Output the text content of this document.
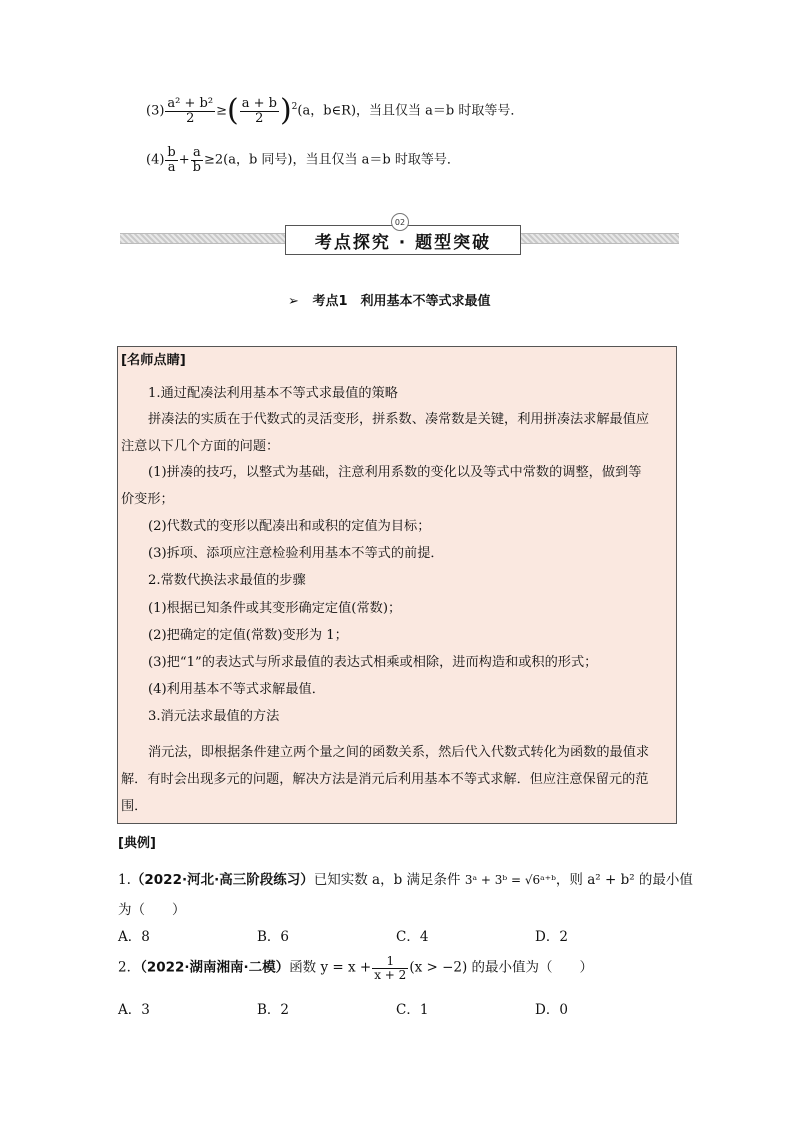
$(3) \frac{\text{a² + b²}}{2}$ ≥( $\frac{a + b}{2} )^2(a$，b∈R)，当且仅当 a＝b 时取等号．
$(4) \frac{b}{a} + \frac{a}{b} \ge 2(a$，b 同号)，当且仅当 a＝b 时取等号．
考点探究 · 题型突破
02
➢ 考点1　利用基本不等式求最值
[名师点睛]
1.通过配凑法利用基本不等式求最值的策略
拼凑法的实质在于代数式的灵活变形，拼系数、凑常数是关键，利用拼凑法求解最值应
注意以下几个方面的问题：
(1)拼凑的技巧，以整式为基础，注意利用系数的变化以及等式中常数的调整，做到等
价变形；
(2)代数式的变形以配凑出和或积的定值为目标；
(3)拆项、添项应注意检验利用基本不等式的前提．
2.常数代换法求最值的步骤
(1)根据已知条件或其变形确定定值(常数)；
(2)把确定的定值(常数)变形为 1；
(3)把“1”的表达式与所求最值的表达式相乘或相除，进而构造和或积的形式；
(4)利用基本不等式求解最值．
3.消元法求最值的方法
消元法，即根据条件建立两个量之间的函数关系，然后代入代数式转化为函数的最值求
解．有时会出现多元的问题，解决方法是消元后利用基本不等式求解．但应注意保留元的范
围．
[典例]
1.（2022·河北·高三阶段练习）已知实数 a，b 满足条件 3ᵃ + 3ᵇ = √6ᵃ⁺ᵇ，则 a² + b² 的最小值
为（　　）
A．8	B．6	C．4	D．2
2．（2022·湖南湘南·二模）函数 $y = x + \frac{1}{x + 2} (x > -2)$ 的最小值为（　　）
A．3	B．2	C．1	D．0
